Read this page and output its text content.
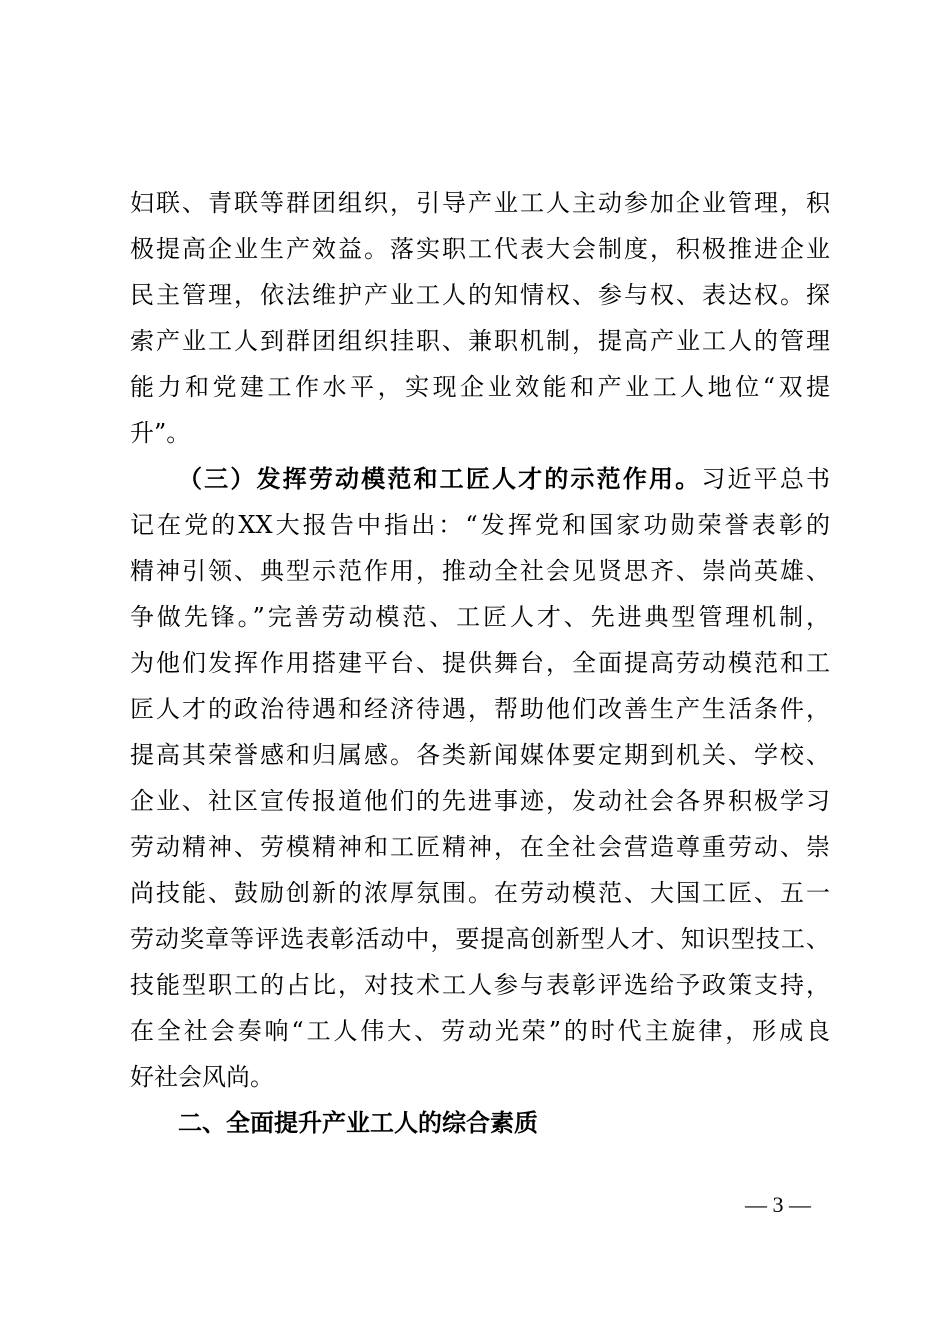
妇联、青联等群团组织，引导产业工人主动参加企业管理，积
极提高企业生产效益。落实职工代表大会制度，积极推进企业
民主管理，依法维护产业工人的知情权、参与权、表达权。探
索产业工人到群团组织挂职、兼职机制，提高产业工人的管理
能力和党建工作水平，实现企业效能和产业工人地位“双提
升”。
（三）发挥劳动模范和工匠人才的示范作用。习近平总书
记在党的XX大报告中指出：“发挥党和国家功勋荣誉表彰的
精神引领、典型示范作用，推动全社会见贤思齐、崇尚英雄、
争做先锋。”完善劳动模范、工匠人才、先进典型管理机制，
为他们发挥作用搭建平台、提供舞台，全面提高劳动模范和工
匠人才的政治待遇和经济待遇，帮助他们改善生产生活条件，
提高其荣誉感和归属感。各类新闻媒体要定期到机关、学校、
企业、社区宣传报道他们的先进事迹，发动社会各界积极学习
劳动精神、劳模精神和工匠精神，在全社会营造尊重劳动、崇
尚技能、鼓励创新的浓厚氛围。在劳动模范、大国工匠、五一
劳动奖章等评选表彰活动中，要提高创新型人才、知识型技工、
技能型职工的占比，对技术工人参与表彰评选给予政策支持，
在全社会奏响“工人伟大、劳动光荣”的时代主旋律，形成良
好社会风尚。
二、全面提升产业工人的综合素质
— 3 —
